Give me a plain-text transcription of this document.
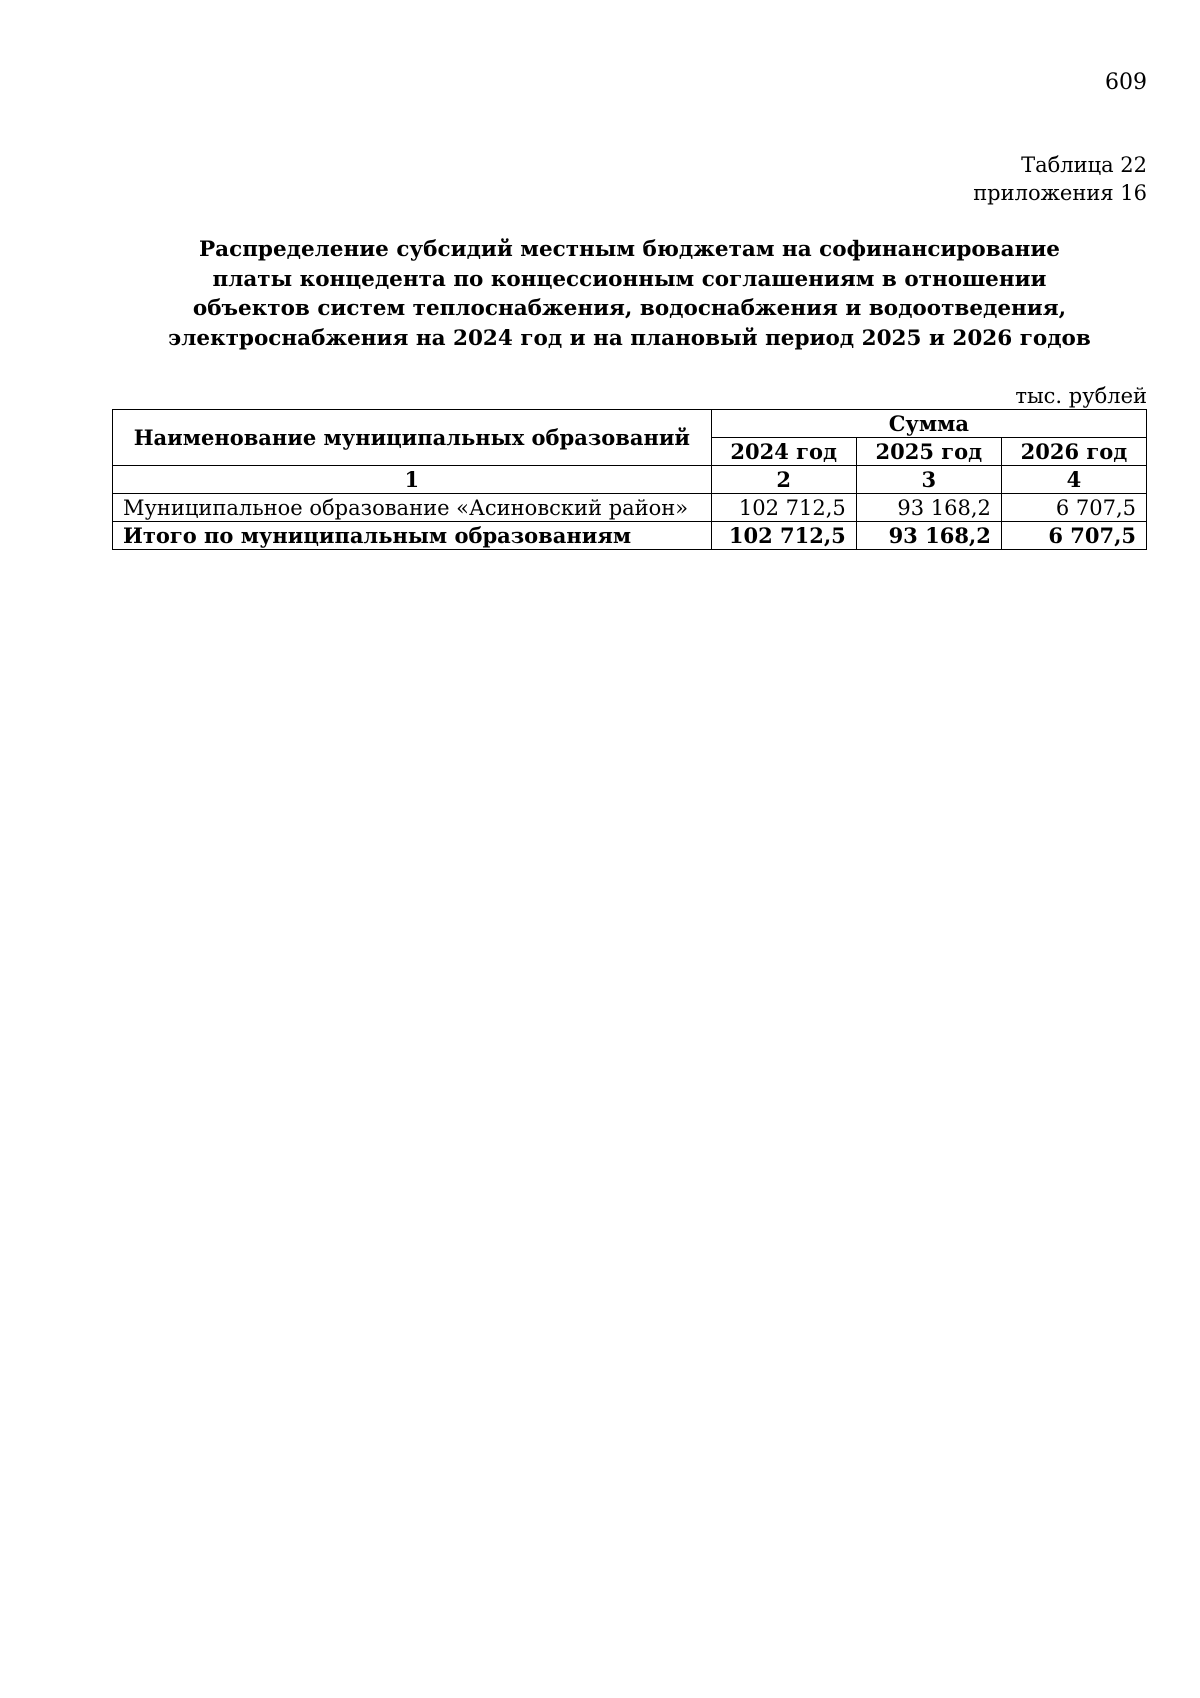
609
Таблица 22
приложения 16
Распределение субсидий местным бюджетам на софинансирование
платы концедента по концессионным соглашениям в отношении
объектов систем теплоснабжения, водоснабжения и водоотведения,
электроснабжения на 2024 год и на плановый период 2025 и 2026 годов
тыс. рублей
Наименование муниципальных образований	Сумма		
	2024 год	2025 год	2026 год
1	2	3	4
Муниципальное образование «Асиновский район»	102 712,5	93 168,2	6 707,5
Итого по муниципальным образованиям	102 712,5	93 168,2	6 707,5
